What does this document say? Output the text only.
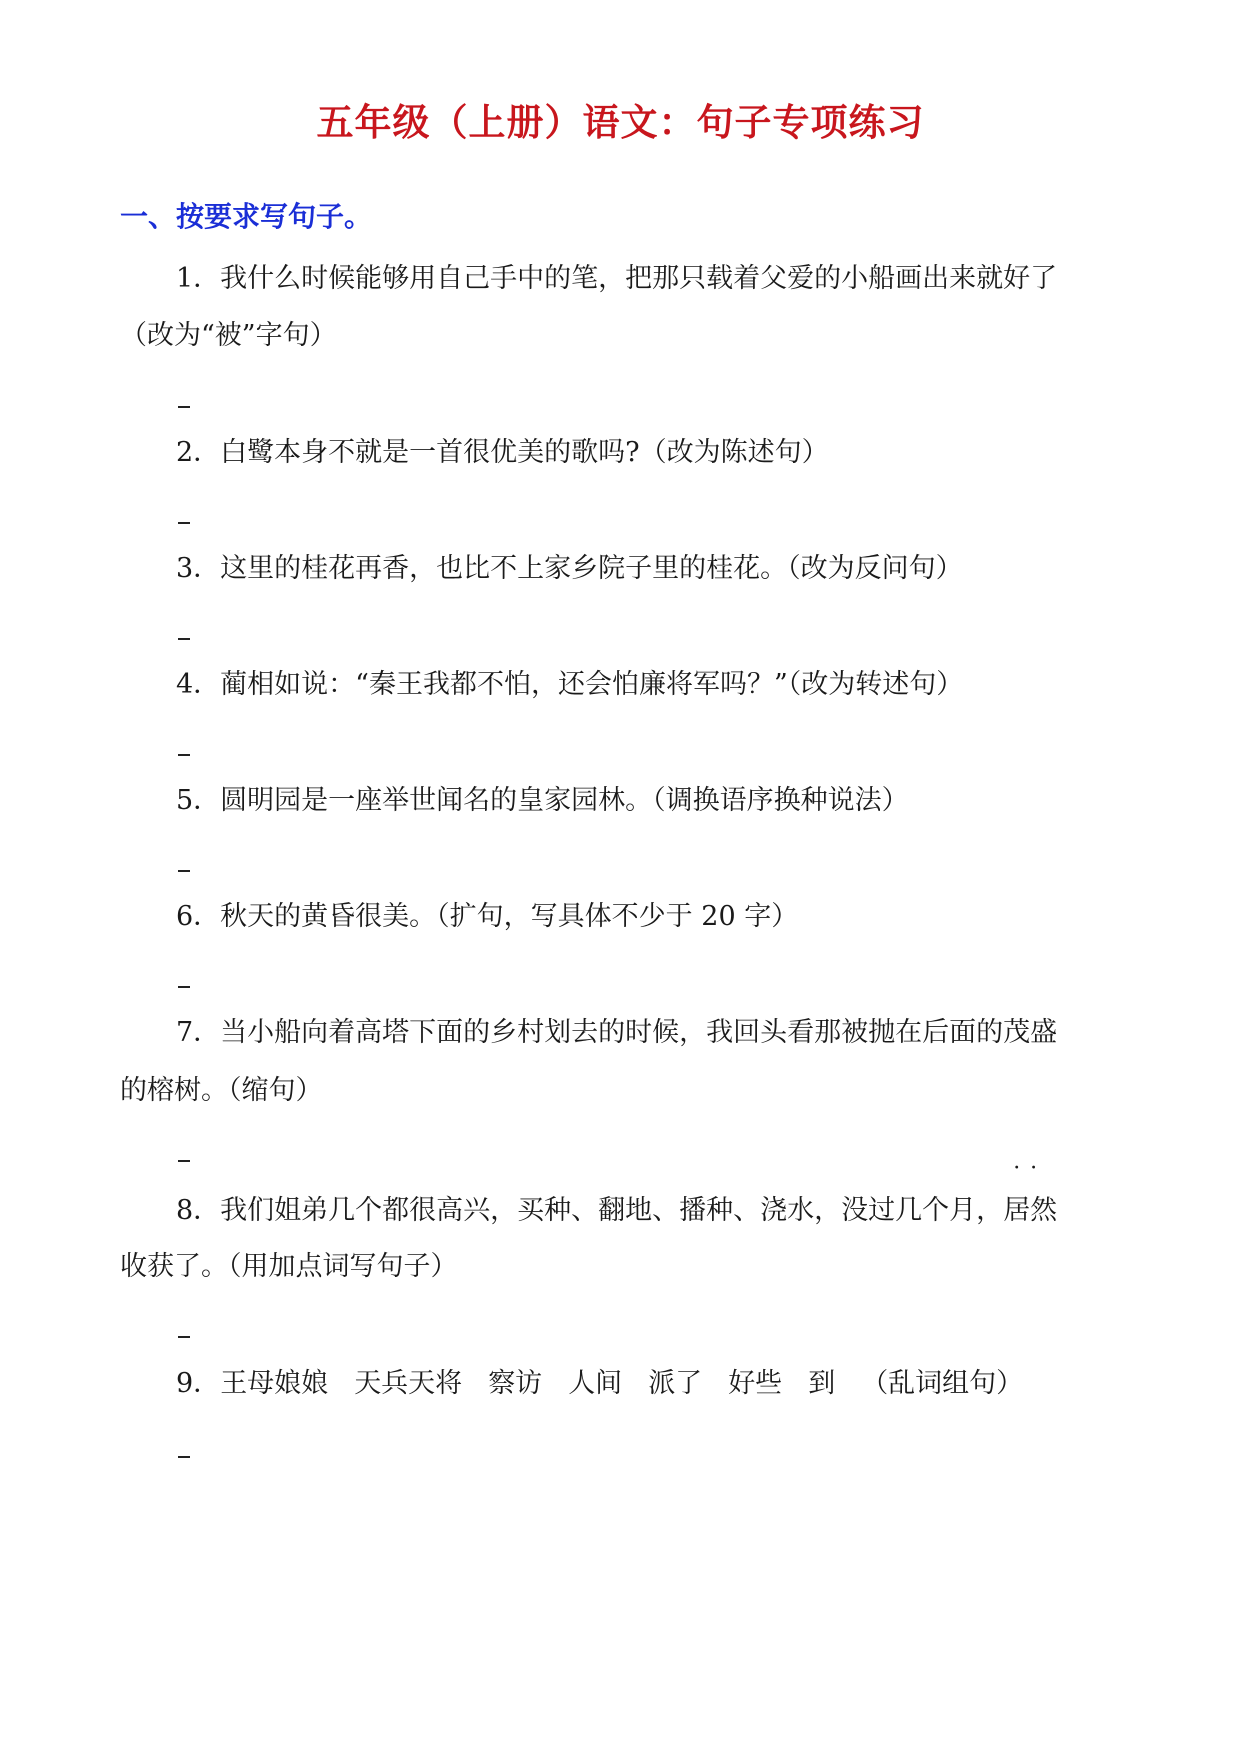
五年级（上册）语文：句子专项练习
一、按要求写句子。
1．我什么时候能够用自己手中的笔，把那只载着父爱的小船画出来就好了
（改为“被”字句）
2．白鹭本身不就是一首很优美的歌吗?（改为陈述句）
3．这里的桂花再香，也比不上家乡院子里的桂花。（改为反问句）
4．蔺相如说：“秦王我都不怕，还会怕廉将军吗？”（改为转述句）
5．圆明园是一座举世闻名的皇家园林。（调换语序换种说法）
6．秋天的黄昏很美。（扩句，写具体不少于 20 字）
7．当小船向着高塔下面的乡村划去的时候，我回头看那被抛在后面的茂盛
的榕树。（缩句）
8．我们姐弟几个都很高兴，买种、翻地、播种、浇水，没过几个月，
··
居然
收获了。（用加点词写句子）
9．王母娘娘 天兵天将 察访 人间 派了 好些 到 （乱词组句）
